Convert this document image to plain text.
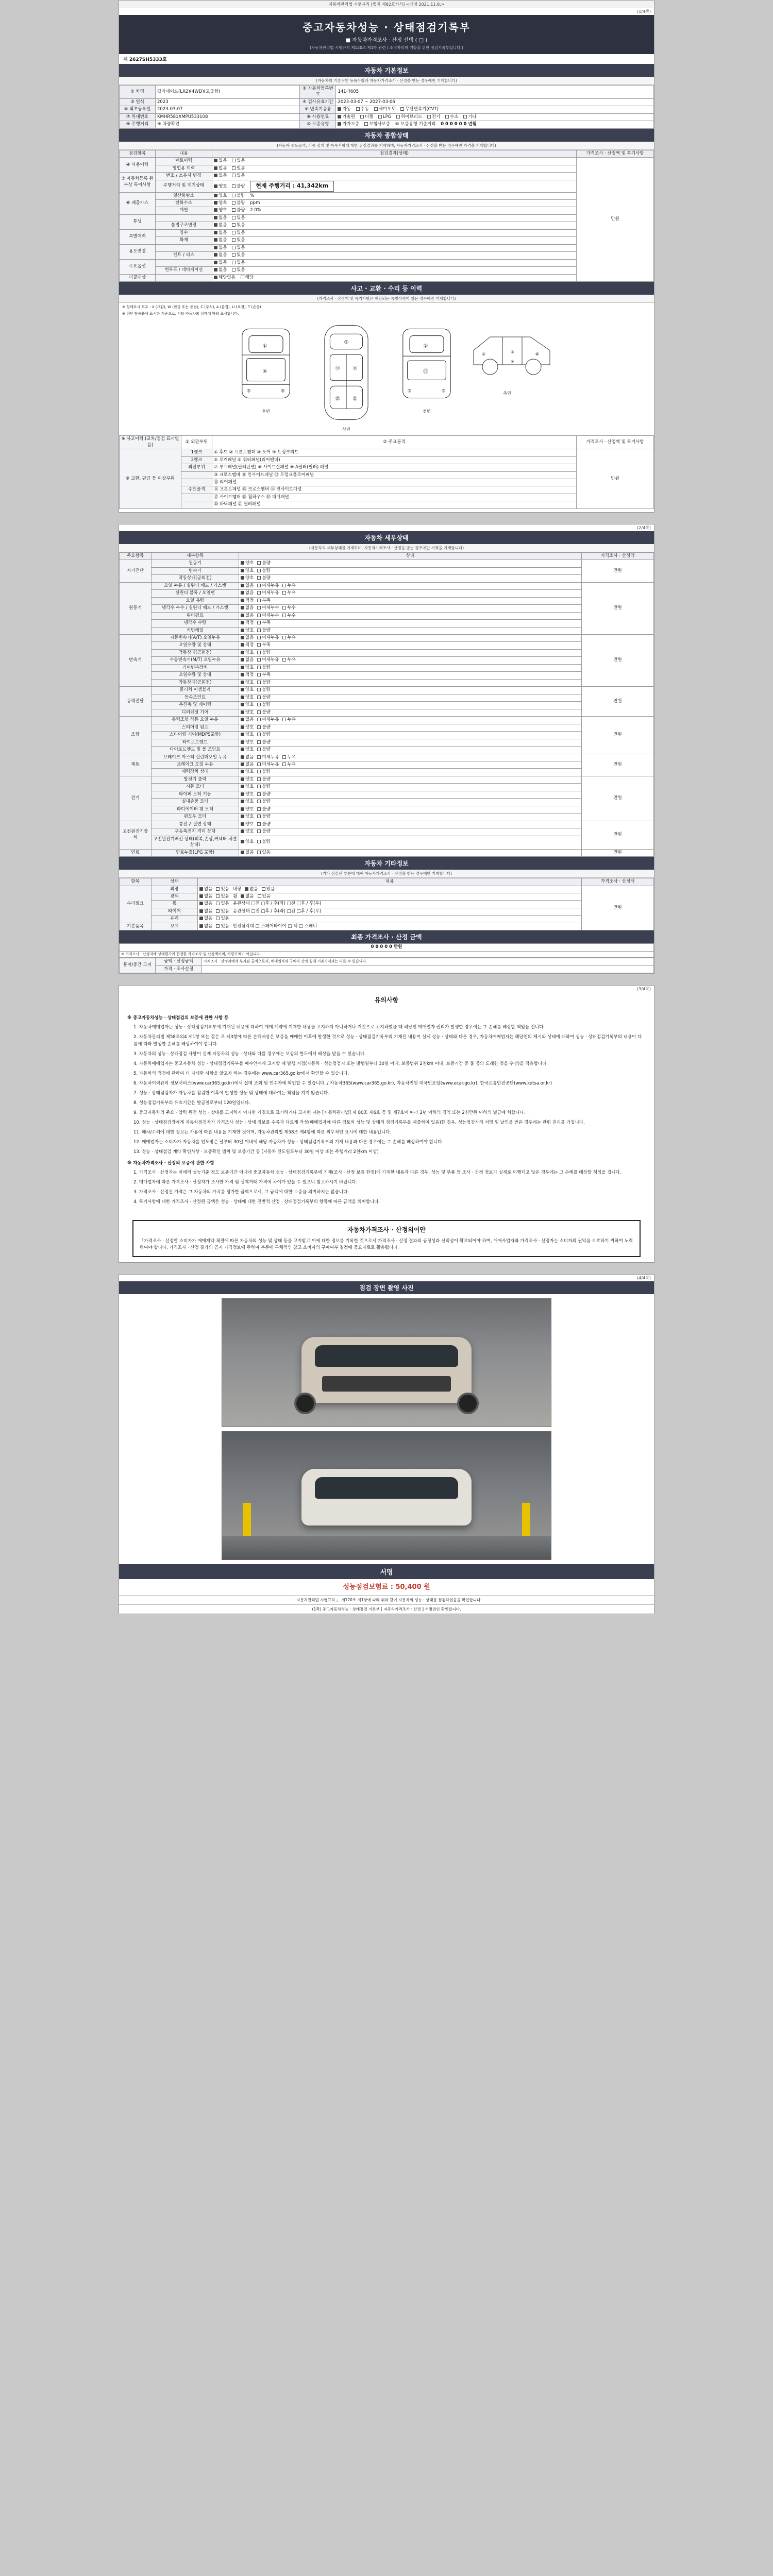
자동차관리법 시행규칙 [별지 제82호서식] <개정 2021.11.8.>
(1/4쪽)
중고자동차성능 · 상태점검기록부
■ 자동차가격조사 · 산정 선택 ( □ )
(자동차관리법 시행규칙 제120조 제1항 관련 / 소비자피해 예방을 위한 점검기록부입니다.)
제 2627SH5333호
자동차 기본정보
(자동차의 기본적인 등록사항과 자동차가격조사 · 산정을 받는 경우에만 기재합니다)
① 차명	팰리세이드(LX2)(4WD)(고급형)	② 자동차등록번호	141러605
③ 연식	2023	④ 검사유효기간	2023-03-07 ~ 2027-03-06
⑤ 최초등록일	2023-03-07	⑥ 변속기종류	자동 수동 세미오토 무단변속기(CVT)
⑦ 차대번호	KMHR581XMPU533108	⑧ 사용연료	가솔린 디젤 LPG 하이브리드 전기 수소 기타
⑨ 주행거리	④ 차량확인	⑩ 보증유형	자가보증 보험사보증 ⑩ 보증유형 기준거리 0 0 0 0 0 0 년월
자동차 종합상태
(자동차 주요골격, 각종 장치 및 특수사항에 대한 점검결과를 기재하며, 자동차가격조사 · 산정을 받는 경우에만 가격을 기재합니다)
점검항목	내용	점검결과(상태)	가격조사 · 산정액 및 특기사항
④ 사용이력	렌트이력	없음 있음	만원
	영업용 이력	없음 있음	
⑤ 자동차등록 원부상 특이사항	번호 / 소유자 변경	없음 있음	
	주행거리 및 계기상태	양호 불량 현재 주행거리 : 41,342km	
⑥ 배출가스	일산화탄소	양호 불량 %	
	탄화수소	양호 불량 ppm	
	매연	양호 불량 2.0%	
튜닝		없음 있음	
	불법구조변경	없음 있음	
특별이력	침수	없음 있음	
	화재	없음 있음	
용도변경		없음 있음	
	렌트 / 리스	없음 있음	
주요옵션		없음 있음	
	썬루프 / 네비게이션	없음 있음	
리콜대상		해당없음 해당	
사고 · 교환 · 수리 등 이력
(가격조사 · 산정액 및 특기사항은 해당되는 특별이력이 있는 경우에만 기재합니다)
※ 상태표시 부호 : X (교환), W (판금 또는 용접), C (부식), A (흠집), U (요철), T (손상)
※ 하단 당해품에 표시한 기준으로, 기타 자동차의 상태에 따라 표시합니다.
①
④
⑤	⑥
후면
①
⑭	⑮
⑳	㉑
상면
②
⑬
③	③
전면
②	③	⑥
⑤
측면
※ 사고이력 (교차/점검 표시없음)	① 외판부위	② 주요골격	가격조사 · 산정액 및 특기사항
※ 교환, 판금 등 이상부위	1랭크	① 후드 ② 프론트펜더 ③ 도어 ④ 트렁크리드	만원
	2랭크	⑤ 로커패널 ⑥ 쿼터패널(리어펜더)	
	외판부위	⑦ 루프패널(필러판넬) ⑧ 사이드실패널 ⑨ A필러(필러) 패널	
		⑩ 크로스멤버 ⑪ 인사이드패널 ⑫ 트렁크플로어패널	
		⑬ 리어패널	
	주요골격	⑭ 프론트패널 ⑮ 크로스멤버 ⑯ 인사이드패널	
		⑰ 사이드멤버 ⑱ 휠하우스 ⑲ 대쉬패널	
		⑳ 바닥패널 ㉑ 필러패널	
(2/4쪽)
자동차 세부상태
(자동차의 세부상태를 기재하며, 자동차가격조사 · 산정을 받는 경우에만 가격을 기재합니다)
주요항목	세부항목	상태	가격조사 · 산정액
자기진단	원동기	양호 불량	만원
	변속기	양호 불량	
	작동상태(공회전)	양호 불량	
원동기	오일 누유 / 실린더 헤드 / 가스켓	없음 미세누유 누유	만원
	실린더 블록 / 오일팬	없음 미세누유 누유	
	오일 유량	적정 부족	
	냉각수 누수 / 실린더 헤드 / 가스켓	없음 미세누수 누수	
	워터펌프	없음 미세누수 누수	
	냉각수 수량	적정 부족	
	커먼레일	양호 불량	
변속기	자동변속기(A/T) 오일누유	없음 미세누유 누유	만원
	오일유량 및 상태	적정 부족	
	작동상태(공회전)	양호 불량	
	수동변속기(M/T) 오일누유	없음 미세누유 누유	
	기어변속장치	양호 불량	
	오일유량 및 상태	적정 부족	
	작동상태(공회전)	양호 불량	
동력전달	클러치 어셈블리	양호 불량	만원
	등속조인트	양호 불량	
	추진축 및 베어링	양호 불량	
	디퍼렌셜 기어	양호 불량	
조향	동력조향 작동 오일 누유	없음 미세누유 누유	만원
	스티어링 펌프	양호 불량	
	스티어링 기어(MDPS포함)	양호 불량	
	타이로드엔드	양호 불량	
	타이로드엔드 및 볼 조인트	양호 불량	
제동	브레이크 마스터 실린더오일 누유	없음 미세누유 누유	만원
	브레이크 오일 누유	없음 미세누유 누유	
	배력장치 상태	양호 불량	
전기	발전기 출력	양호 불량	만원
	시동 모터	양호 불량	
	와이퍼 모터 기능	양호 불량	
	실내송풍 모터	양호 불량	
	라디에이터 팬 모터	양호 불량	
	윈도우 모터	양호 불량	
고전원전기장치	충전구 절연 상태	양호 불량	만원
	구동축전지 격리 상태	양호 불량	
	고전원전기배선 상태(피복,손상,커넥터 체결상태)	양호 불량	
연료	연료누출(LPG 포함)	없음 있음	만원
자동차 기타정보
(기타 점검된 부분에 대해 자동차가격조사 · 산정을 받는 경우에만 기재합니다)
항목	상태	내용	가격조사 · 산정액
수리필요	외장	없음 있음내장 없음 있음	만원
	광택	없음 있음휠 없음 있음	
	휠	없음 있음윤관상태 □전 □후 / 후(좌) □전 □후 / 후(우)	
	타이어	없음 있음윤관상태 □전 □후 / 후(좌) □전 □후 / 후(우)	
	유리	없음 있음	
기본품목	보유	없음 있음안전삼각대 □ 스페어타이어 □ 잭 □ 스패너	
최종 가격조사 · 산정 금액
0 0 0 0 0 만원
※ 가격조사 · 산정자에 상태평가에 한정한 가격조사 및 산정액이며, 차량가액이 아닙니다.
통지/중간 고지	금액 · 산정금액	가격조사 · 산정자에게 부과된 금액으로서, 매매업자와 구매자 간의 실제 거래가격과는 다를 수 있습니다.
	가격 · 조사산정	
(3/4쪽)
유의사항
※ 중고자동차성능 · 상태점검의 보증에 관한 사항 등

1. 자동차매매업자는 성능 · 상태점검기록부에 기재된 내용에 대하여 매매 계약에 기재한 내용을 고지하지 아니하거나 거짓으로 고지하였을 때 해당인 매매업자 권리가 발생한 경우에는 그 손해를 배상할 책임을 집니다.

2. 자동차관리법 제58조의4 제1항 또는 같은 조 제3항에 따른 손해배상은 보증을 매매한 이후에 발생한 것으로 성능 · 상태점검기록부의 기재된 내용이 실제 성능 · 상태와 다른 경우, 자동차매매업자는 해당인의 제시와 상태에 대하여 성능 · 상태점검기록부의 내용이 다름에 따라 발생한 손해를 배상하여야 합니다.

3. 자동차의 성능 · 상태점검 사항이 실제 자동차의 성능 · 상태와 다를 경우에는 보상의 한도에서 배상을 받을 수 있습니다.

4. 자동차매매업자는 중고자동차 성능 · 상태점검기록부를 매수인에게 고지할 때 발행 지점(자동차 · 성능점검지 또는 발행일부터 30일 이내, 보증범위 2천km 이내, 보증기간 중 둘 중의 도래한 것을 우선)을 적용합니다.

5. 자동차의 점검에 관하여 더 자세한 사항을 알고자 하는 경우에는 www.car365.go.kr에서 확인할 수 있습니다.

6. 자동차이력관리 정보서비스(www.car365.go.kr)에서 실매 조회 및 인수자에 확인할 수 있습니다. / 자동차365(www.car365.go.kr), 자동차민원 대국민포털(www.ecar.go.kr), 한국교통안전공단(www.kotsa.or.kr)

7. 성능 · 상태점검자가 자동차를 점검한 이후에 발생한 성능 및 상태에 대하여는 책임을 지지 않습니다.

8. 성능점검기록부의 유효기간은 발급일로부터 120일입니다.

9. 중고자동차의 주요 · 압력 원전 성능 · 상태를 고지하지 아니한 거짓으로 표기하거나 고지한 자는 [자동차관리법] 제 80조 제6호 등 및 제7호에 따라 2년 이하의 징역 또는 2천만원 이하의 벌금에 처합니다.

10. 성능 · 상태점검장에게 자동차점검자가 가격조사 성능 · 상태 정보를 수록과 다르게 작성(매매업자에 따른 검토와 성능 및 상태의 점검기록부를 제출하여 있음)한 경우, 성능점검자의 서명 및 날인을 받은 경우에는 관련 권리를 가집니다.

11. 폐차/수리에 대한 정보는 사용에 따른 내용을 기재한 것이며, 자동차관리법 제58조 제4항에 따른 의무적인 표시에 대한 내용입니다.

12. 매매업자는 소비자가 자동차를 인도받은 날부터 30일 이내에 해당 자동차가 성능 · 상태점검기록부의 기재 내용과 다른 경우에는 그 손해를 배상하여야 합니다.

13. 성능 · 상태점검 계약 확인사항 · 보증확인 범위 및 보증기간 등 (자동차 인도일로부터 30일 이상 또는 주행거리 2천km 이상)

※ 자동차가격조사 · 산정의 보증에 관한 사항

1. 가격조사 · 산정자는 이에의 성능기준 정도 보증기간 이내에 중고자동차 성능 · 상태점검기록부에 기재(조사 · 산정 보증 한정)에 기재한 내용과 다른 경우, 성능 및 부품 등 조사 · 산정 정보가 실제로 이행되고 않은 경우에는 그 손해를 배상할 책임을 집니다.

2. 매매업자에 따른 가격조사 · 산정자가 조사한 가격 및 실제거래 가격에 차이가 있을 수 있으니 참고하시기 바랍니다.

3. 가격조사 · 산정된 가격은 그 자동차의 가치를 평가한 금액으로서, 그 금액에 대한 보증을 의미하지는 않습니다.

4. 특기사항에 대한 가격조사 · 산정된 금액은 성능 · 상태에 대한 전반적 산정 · 상태점검기록부의 항목에 따른 금액을 의미합니다.

자동차가격조사 · 산정의이안
「가격조사 · 산정반 소비자가 매매계약 체결에 따른 자동차의 성능 및 상태 등을 고지받고 이에 대한 정보를 기록한 것으로서 가격조사 · 산정 결과의 공정성과 신뢰성이 확보되어야 하며, 매매사업자와 가격조사 · 산정자는 소비자의 권익을 보호하기 위하여 노력하여야 합니다. 가격조사 · 산정 결과의 공지 가격정보에 관하여 본문에 구체적인 참고 소비자의 구매여부 결정에 중요자료로 활용됩니다.
(4/4쪽)
점검 장면 촬영 사진
서명
성능점검보험료 : 50,400 원
「 자동차관리법 시행규칙 」 제120조 제1항에 따라 위와 같이 자동차의 성능 · 상태를 점검하였음을 확인합니다.
(1쪽) 중고자동차성능 · 상태점검 기록부 [ 자동차가격조사 · 산정 ] 서명검인 확인합니다.
